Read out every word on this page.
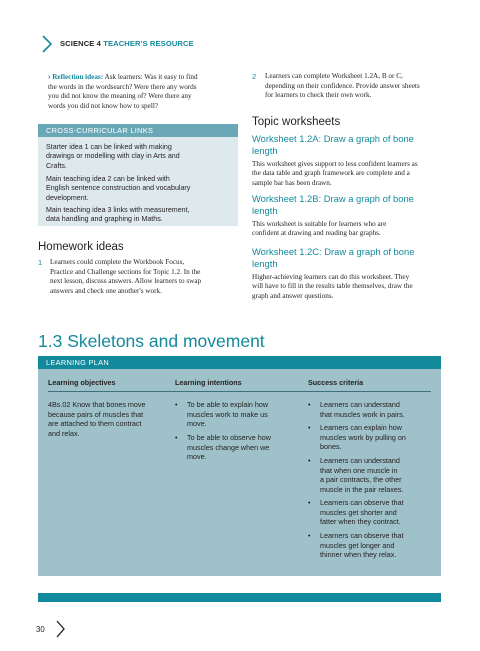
SCIENCE 4 TEACHER'S RESOURCE
› Reflection ideas: Ask learners: Was it easy to find
the words in the wordsearch? Were there any words
you did not know the meaning of? Were there any
words you did not know how to spell?
CROSS-CURRICULAR LINKS
Starter idea 1 can be linked with making
drawings or modelling with clay in Arts and
Crafts.
Main teaching idea 2 can be linked with
English sentence construction and vocabulary
development.
Main teaching idea 3 links with measurement,
data handling and graphing in Maths.
Homework ideas
1 Learners could complete the Workbook Focus,
Practice and Challenge sections for Topic 1.2. In the
next lesson, discuss answers. Allow learners to swap
answers and check one another's work.
2 Learners can complete Worksheet 1.2A, B or C,
depending on their confidence. Provide answer sheets
for learners to check their own work.
Topic worksheets
Worksheet 1.2A: Draw a graph of bone
length
This worksheet gives support to less confident learners as
the data table and graph framework are complete and a
sample bar has been drawn.
Worksheet 1.2B: Draw a graph of bone
length
This worksheet is suitable for learners who are
confident at drawing and reading bar graphs.
Worksheet 1.2C: Draw a graph of bone
length
Higher-achieving learners can do this worksheet. They
will have to fill in the results table themselves, draw the
graph and answer questions.
1.3 Skeletons and movement
LEARNING PLAN
Learning objectives	Learning intentions	Success criteria
4Bs.02 Know that bones move
because pairs of muscles that
are attached to them contract
and relax.
• To be able to explain how
muscles work to make us
move.
• To be able to observe how
muscles change when we
move.
• Learners can understand
that muscles work in pairs.
• Learners can explain how
muscles work by pulling on
bones.
• Learners can understand
that when one muscle in
a pair contracts, the other
muscle in the pair relaxes.
• Learners can observe that
muscles get shorter and
fatter when they contract.
• Learners can observe that
muscles get longer and
thinner when they relax.
30
